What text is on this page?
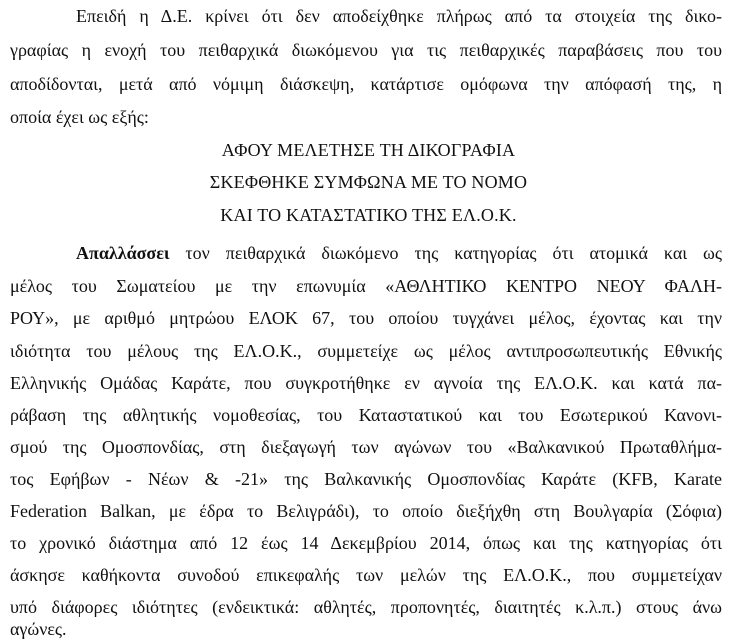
Επειδή η Δ.Ε. κρίνει ότι δεν αποδείχθηκε πλήρως από τα στοιχεία της δικο-
γραφίας η ενοχή του πειθαρχικά διωκόμενου για τις πειθαρχικές παραβάσεις που του
αποδίδονται, μετά από νόμιμη διάσκεψη, κατάρτισε ομόφωνα την απόφασή της, η
οποία έχει ως εξής:
ΑΦΟΥ ΜΕΛΕΤΗΣΕ ΤΗ ΔΙΚΟΓΡΑΦΙΑ
ΣΚΕΦΘΗΚΕ ΣΥΜΦΩΝΑ ΜΕ ΤΟ ΝΟΜΟ
ΚΑΙ ΤΟ ΚΑΤΑΣΤΑΤΙΚΟ ΤΗΣ ΕΛ.Ο.Κ.
Απαλλάσσει τον πειθαρχικά διωκόμενο της κατηγορίας ότι ατομικά και ως
μέλος του Σωματείου με την επωνυμία «ΑΘΛΗΤΙΚΟ ΚΕΝΤΡΟ ΝΕΟΥ ΦΑΛΗ-
ΡΟΥ», με αριθμό μητρώου ΕΛΟΚ 67, του οποίου τυγχάνει μέλος, έχοντας και την
ιδιότητα του μέλους της ΕΛ.Ο.Κ., συμμετείχε ως μέλος αντιπροσωπευτικής Εθνικής
Ελληνικής Ομάδας Καράτε, που συγκροτήθηκε εν αγνοία της ΕΛ.Ο.Κ. και κατά πα-
ράβαση της αθλητικής νομοθεσίας, του Καταστατικού και του Εσωτερικού Κανονι-
σμού της Ομοσπονδίας, στη διεξαγωγή των αγώνων του «Βαλκανικού Πρωταθλήμα-
τος Εφήβων - Νέων & -21» της Βαλκανικής Ομοσπονδίας Καράτε (KFB, Karate
Federation Balkan, με έδρα το Βελιγράδι), το οποίο διεξήχθη στη Βουλγαρία (Σόφια)
το χρονικό διάστημα από 12 έως 14 Δεκεμβρίου 2014, όπως και της κατηγορίας ότι
άσκησε καθήκοντα συνοδού επικεφαλής των μελών της ΕΛ.Ο.Κ., που συμμετείχαν
υπό διάφορες ιδιότητες (ενδεικτικά: αθλητές, προπονητές, διαιτητές κ.λ.π.) στους άνω
αγώνες.
